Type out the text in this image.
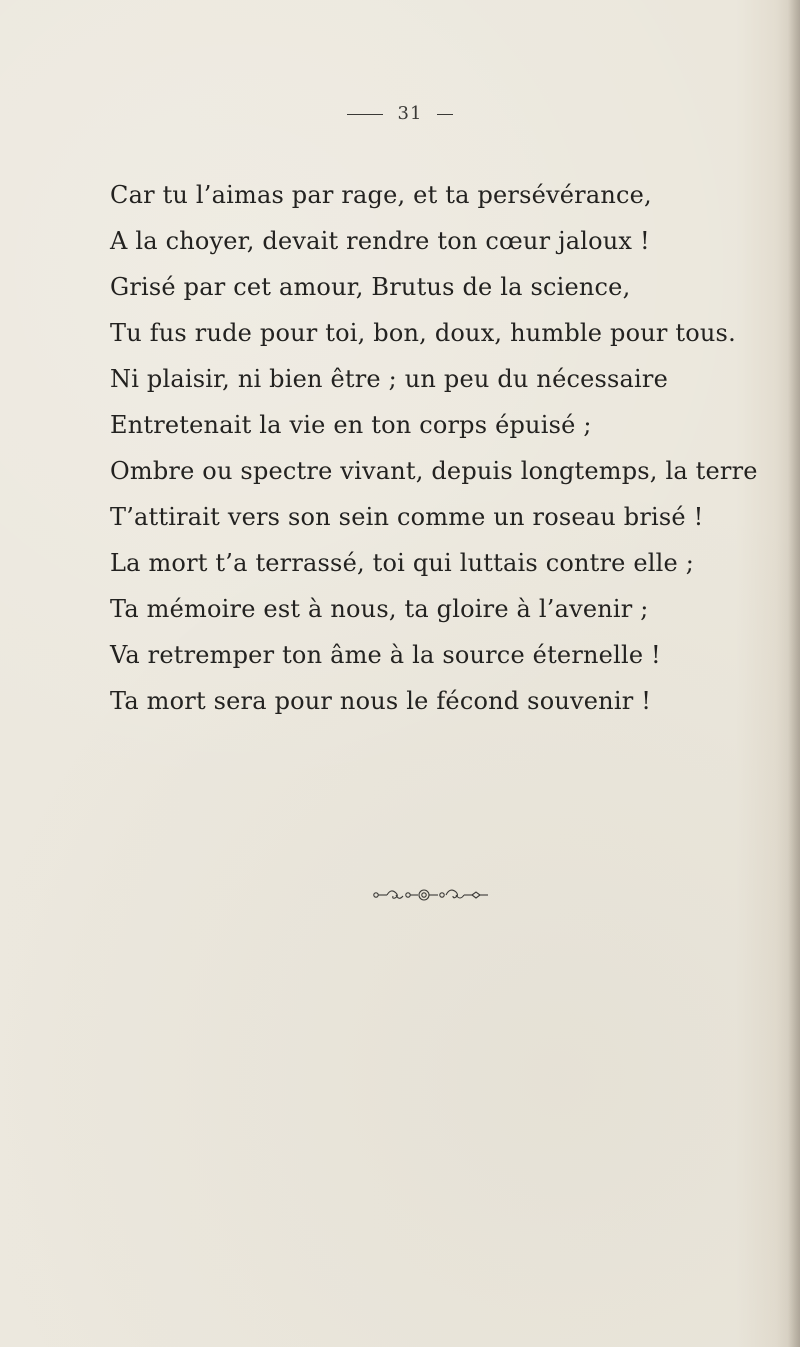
31
Car tu l’aimas par rage, et ta persévérance,
A la choyer, devait rendre ton cœur jaloux !
Grisé par cet amour, Brutus de la science,
Tu fus rude pour toi, bon, doux, humble pour tous.
Ni plaisir, ni bien être ; un peu du nécessaire
Entretenait la vie en ton corps épuisé ;
Ombre ou spectre vivant, depuis longtemps, la terre
T’attirait vers son sein comme un roseau brisé !
La mort t’a terrassé, toi qui luttais contre elle ;
Ta mémoire est à nous, ta gloire à l’avenir ;
Va retremper ton âme à la source éternelle !
Ta mort sera pour nous le fécond souvenir !
